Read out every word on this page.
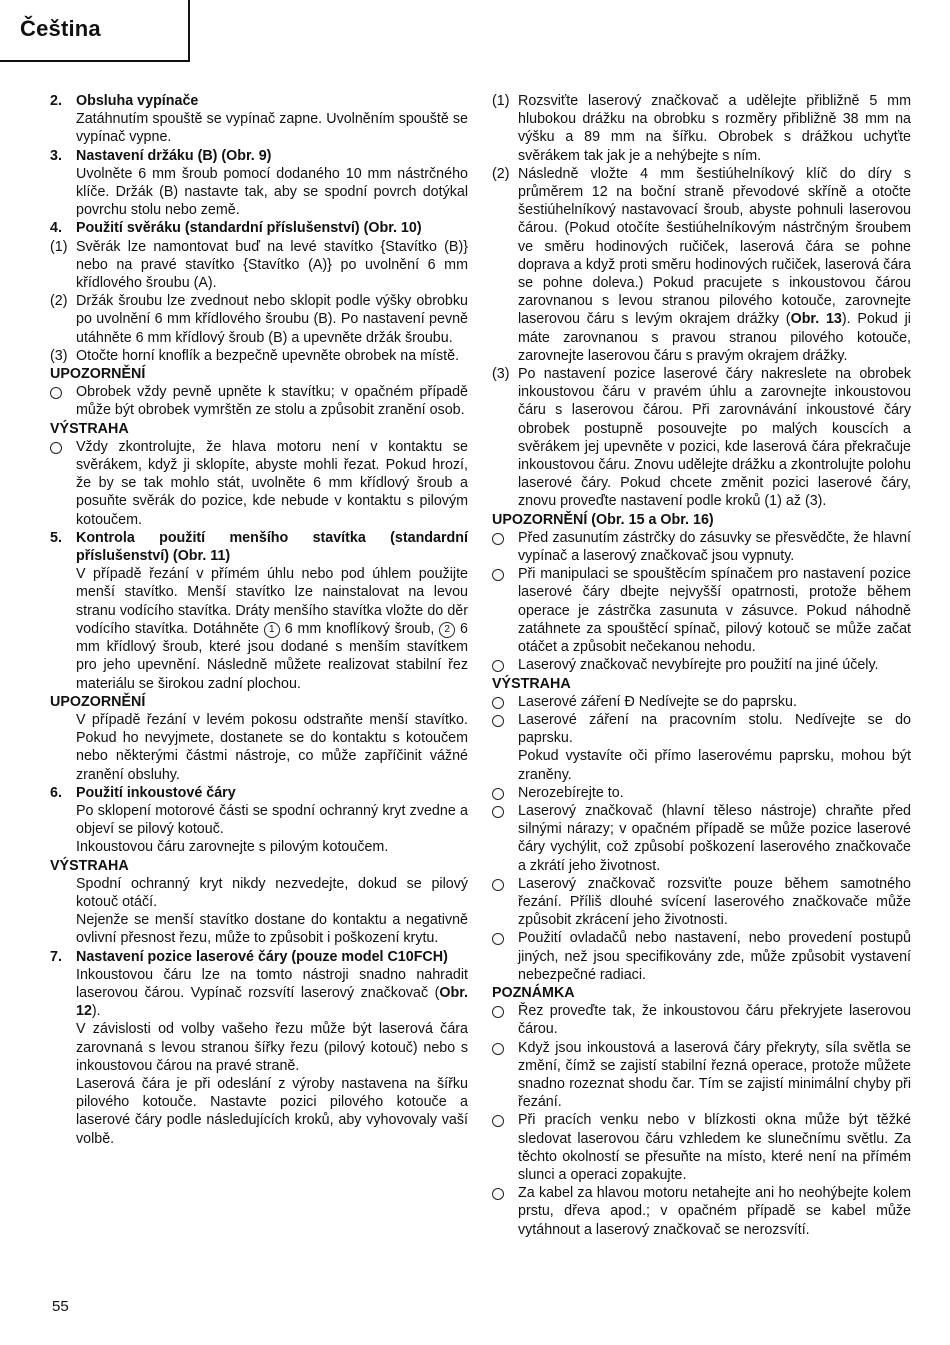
Čeština
2. Obsluha vypínače
Zatáhnutím spouště se vypínač zapne. Uvolněním spouště se vypínač vypne.
3. Nastavení držáku (B) (Obr. 9)
Uvolněte 6 mm šroub pomocí dodaného 10 mm nástrčného klíče. Držák (B) nastavte tak, aby se spodní povrch dotýkal povrchu stolu nebo země.
4. Použití svěráku (standardní příslušenství) (Obr. 10)
(1) Svěrák lze namontovat buď na levé stavítko {Stavítko (B)} nebo na pravé stavítko {Stavítko (A)} po uvolnění 6 mm křídlového šroubu (A).
(2) Držák šroubu lze zvednout nebo sklopit podle výšky obrobku po uvolnění 6 mm křídlového šroubu (B). Po nastavení pevně utáhněte 6 mm křídlový šroub (B) a upevněte držák šroubu.
(3) Otočte horní knoflík a bezpečně upevněte obrobek na místě.
UPOZORNĚNÍ
Obrobek vždy pevně upněte k stavítku; v opačném případě může být obrobek vymrštěn ze stolu a způsobit zranění osob.
VÝSTRAHA
Vždy zkontrolujte, že hlava motoru není v kontaktu se svěrákem, když ji sklopíte, abyste mohli řezat. Pokud hrozí, že by se tak mohlo stát, uvolněte 6 mm křídlový šroub a posuňte svěrák do pozice, kde nebude v kontaktu s pilovým kotoučem.
5. Kontrola použití menšího stavítka (standardní příslušenství) (Obr. 11)
V případě řezání v přímém úhlu nebo pod úhlem použijte menší stavítko. Menší stavítko lze nainstalovat na levou stranu vodícího stavítka. Dráty menšího stavítka vložte do děr vodícího stavítka. Dotáhněte 1 6 mm knoflíkový šroub, 2 6 mm křídlový šroub, které jsou dodané s menším stavítkem pro jeho upevnění. Následně můžete realizovat stabilní řez materiálu se širokou zadní plochou.
UPOZORNĚNÍ
V případě řezání v levém pokosu odstraňte menší stavítko. Pokud ho nevyjmete, dostanete se do kontaktu s kotoučem nebo některými částmi nástroje, co může zapříčinit vážné zranění obsluhy.
6. Použití inkoustové čáry
Po sklopení motorové části se spodní ochranný kryt zvedne a objeví se pilový kotouč.
Inkoustovou čáru zarovnejte s pilovým kotoučem.
VÝSTRAHA
Spodní ochranný kryt nikdy nezvedejte, dokud se pilový kotouč otáčí.
Nejenže se menší stavítko dostane do kontaktu a negativně ovlivní přesnost řezu, může to způsobit i poškození krytu.
7. Nastavení pozice laserové čáry (pouze model C10FCH)
Inkoustovou čáru lze na tomto nástroji snadno nahradit laserovou čárou. Vypínač rozsvítí laserový značkovač (Obr. 12).
V závislosti od volby vašeho řezu může být laserová čára zarovnaná s levou stranou šířky řezu (pilový kotouč) nebo s inkoustovou čárou na pravé straně.
Laserová čára je při odeslání z výroby nastavena na šířku pilového kotouče. Nastavte pozici pilového kotouče a laserové čáry podle následujících kroků, aby vyhovovaly vaší volbě.
(1) Rozsviťte laserový značkovač a udělejte přibližně 5 mm hlubokou drážku na obrobku s rozměry přibližně 38 mm na výšku a 89 mm na šířku. Obrobek s drážkou uchyťte svěrákem tak jak je a nehýbejte s ním.
(2) Následně vložte 4 mm šestiúhelníkový klíč do díry s průměrem 12 na boční straně převodové skříně a otočte šestiúhelníkový nastavovací šroub, abyste pohnuli laserovou čárou. (Pokud otočíte šestiúhelníkovým nástrčným šroubem ve směru hodinových ručiček, laserová čára se pohne doprava a když proti směru hodinových ručiček, laserová čára se pohne doleva.) Pokud pracujete s inkoustovou čárou zarovnanou s levou stranou pilového kotouče, zarovnejte laserovou čáru s levým okrajem drážky (Obr. 13). Pokud ji máte zarovnanou s pravou stranou pilového kotouče, zarovnejte laserovou čáru s pravým okrajem drážky.
(3) Po nastavení pozice laserové čáry nakreslete na obrobek inkoustovou čáru v pravém úhlu a zarovnejte inkoustovou čáru s laserovou čárou. Při zarovnávání inkoustové čáry obrobek postupně posouvejte po malých kouscích a svěrákem jej upevněte v pozici, kde laserová čára překračuje inkoustovou čáru. Znovu udělejte drážku a zkontrolujte polohu laserové čáry. Pokud chcete změnit pozici laserové čáry, znovu proveďte nastavení podle kroků (1) až (3).
UPOZORNĚNÍ (Obr. 15 a Obr. 16)
Před zasunutím zástrčky do zásuvky se přesvědčte, že hlavní vypínač a laserový značkovač jsou vypnuty.
Při manipulaci se spouštěcím spínačem pro nastavení pozice laserové čáry dbejte nejvyšší opatrnosti, protože během operace je zástrčka zasunuta v zásuvce. Pokud náhodně zatáhnete za spouštěcí spínač, pilový kotouč se může začat otáčet a způsobit nečekanou nehodu.
Laserový značkovač nevybírejte pro použití na jiné účely.
VÝSTRAHA
Laserové záření Đ Nedívejte se do paprsku.
Laserové záření na pracovním stolu. Nedívejte se do paprsku.
Pokud vystavíte oči přímo laserovému paprsku, mohou být zraněny.
Nerozebírejte to.
Laserový značkovač (hlavní těleso nástroje) chraňte před silnými nárazy; v opačném případě se může pozice laserové čáry vychýlit, což způsobí poškození laserového značkovače a zkrátí jeho životnost.
Laserový značkovač rozsviťte pouze během samotného řezání. Příliš dlouhé svícení laserového značkovače může způsobit zkrácení jeho životnosti.
Použití ovladačů nebo nastavení, nebo provedení postupů jiných, než jsou specifikovány zde, může způsobit vystavení nebezpečné radiaci.
POZNÁMKA
Řez proveďte tak, že inkoustovou čáru překryjete laserovou čárou.
Když jsou inkoustová a laserová čáry překryty, síla světla se změní, čímž se zajistí stabilní řezná operace, protože můžete snadno rozeznat shodu čar. Tím se zajistí minimální chyby při řezání.
Při pracích venku nebo v blízkosti okna může být těžké sledovat laserovou čáru vzhledem ke slunečnímu světlu. Za těchto okolností se přesuňte na místo, které není na přímém slunci a operaci zopakujte.
Za kabel za hlavou motoru netahejte ani ho neohýbejte kolem prstu, dřeva apod.; v opačném případě se kabel může vytáhnout a laserový značkovač se nerozsvítí.
55
